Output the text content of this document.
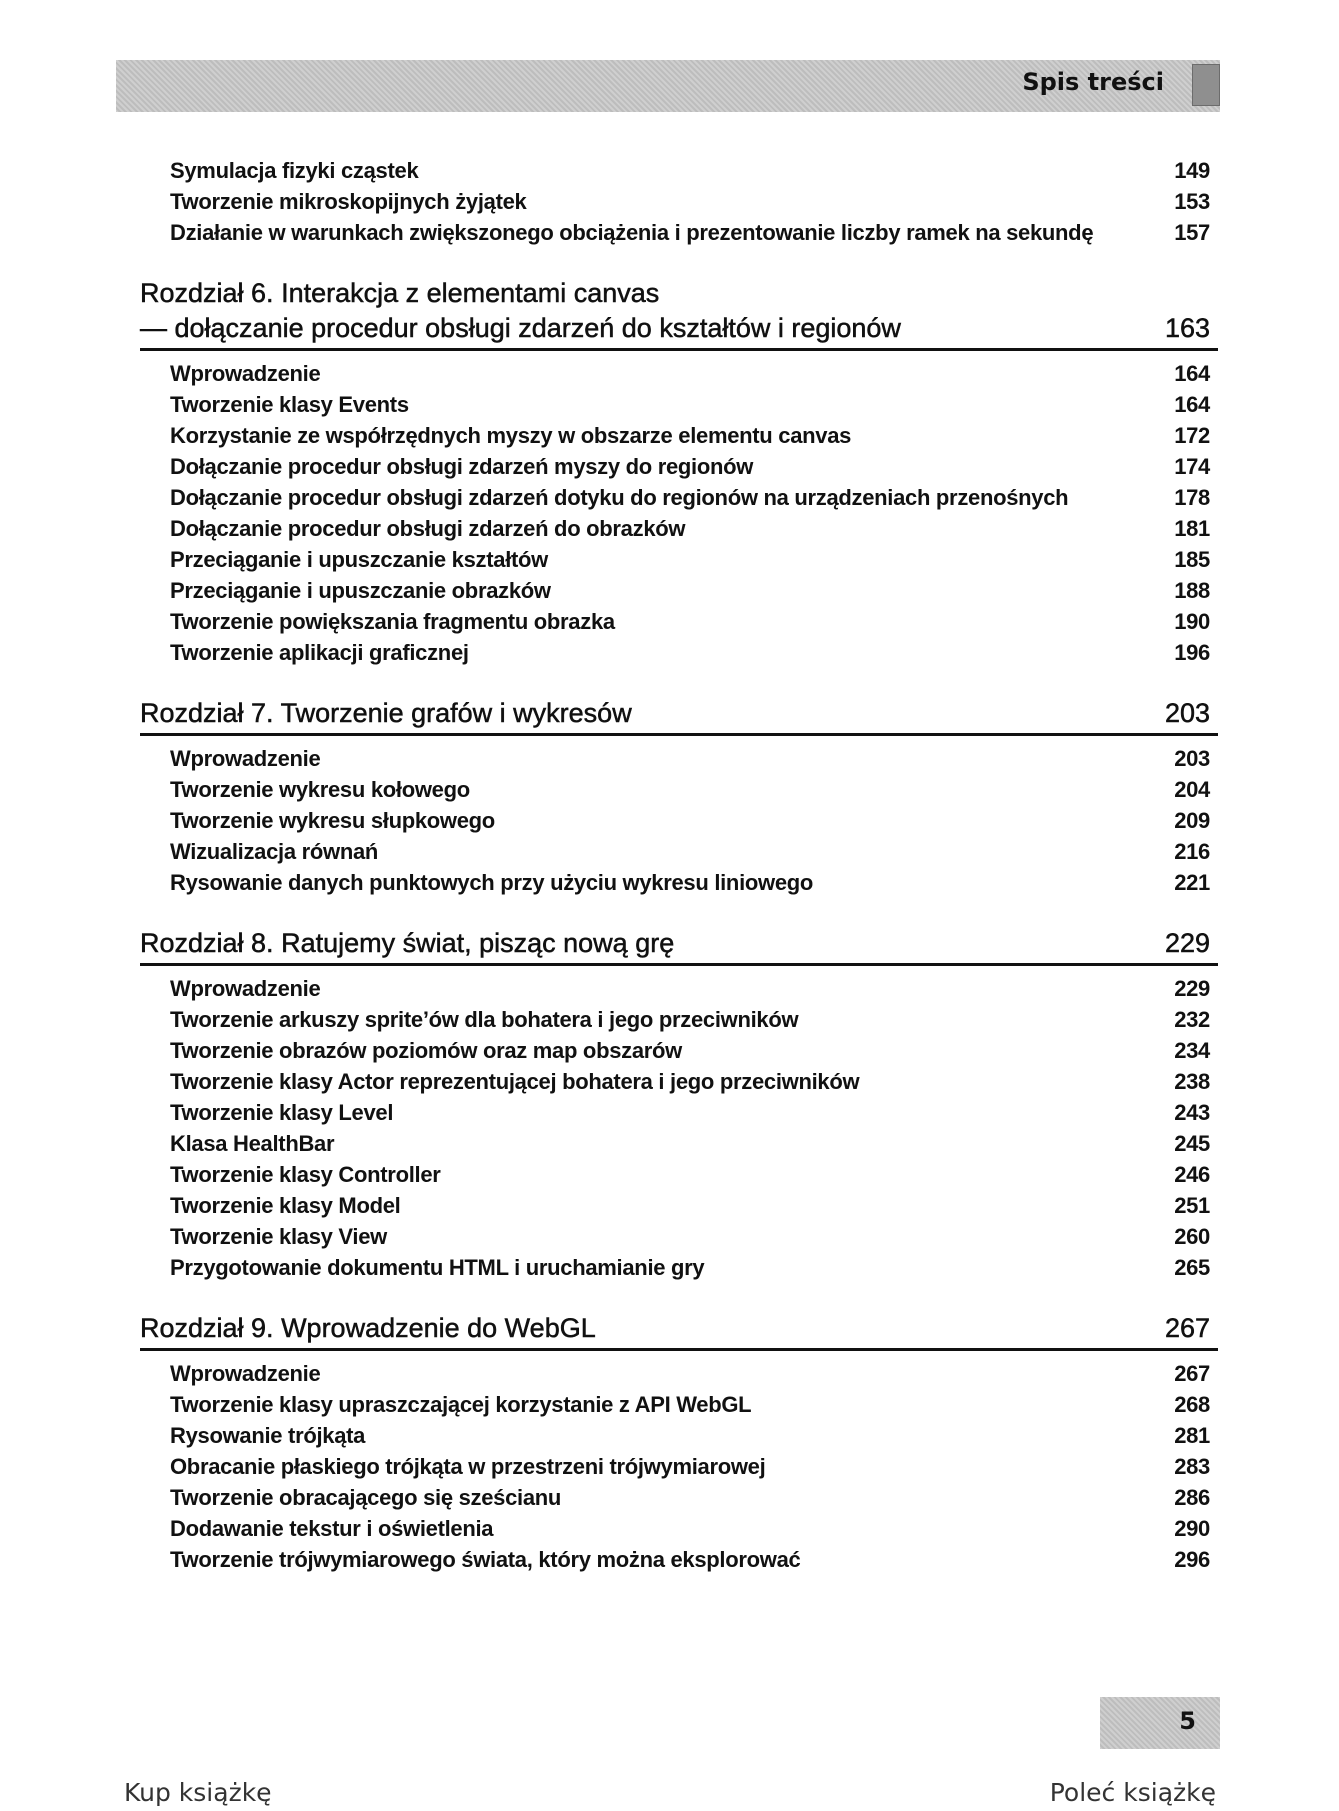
Spis treści
Symulacja fizyki cząstek	149
Tworzenie mikroskopijnych żyjątek	153
Działanie w warunkach zwiększonego obciążenia i prezentowanie liczby ramek na sekundę	157
Rozdział 6. Interakcja z elementami canvas
— dołączanie procedur obsługi zdarzeń do kształtów i regionów	163
Wprowadzenie	164
Tworzenie klasy Events	164
Korzystanie ze współrzędnych myszy w obszarze elementu canvas	172
Dołączanie procedur obsługi zdarzeń myszy do regionów	174
Dołączanie procedur obsługi zdarzeń dotyku do regionów na urządzeniach przenośnych	178
Dołączanie procedur obsługi zdarzeń do obrazków	181
Przeciąganie i upuszczanie kształtów	185
Przeciąganie i upuszczanie obrazków	188
Tworzenie powiększania fragmentu obrazka	190
Tworzenie aplikacji graficznej	196
Rozdział 7. Tworzenie grafów i wykresów	203
Wprowadzenie	203
Tworzenie wykresu kołowego	204
Tworzenie wykresu słupkowego	209
Wizualizacja równań	216
Rysowanie danych punktowych przy użyciu wykresu liniowego	221
Rozdział 8. Ratujemy świat, pisząc nową grę	229
Wprowadzenie	229
Tworzenie arkuszy sprite’ów dla bohatera i jego przeciwników	232
Tworzenie obrazów poziomów oraz map obszarów	234
Tworzenie klasy Actor reprezentującej bohatera i jego przeciwników	238
Tworzenie klasy Level	243
Klasa HealthBar	245
Tworzenie klasy Controller	246
Tworzenie klasy Model	251
Tworzenie klasy View	260
Przygotowanie dokumentu HTML i uruchamianie gry	265
Rozdział 9. Wprowadzenie do WebGL	267
Wprowadzenie	267
Tworzenie klasy upraszczającej korzystanie z API WebGL	268
Rysowanie trójkąta	281
Obracanie płaskiego trójkąta w przestrzeni trójwymiarowej	283
Tworzenie obracającego się sześcianu	286
Dodawanie tekstur i oświetlenia	290
Tworzenie trójwymiarowego świata, który można eksplorować	296
5
Kup książkę	Poleć książkę
